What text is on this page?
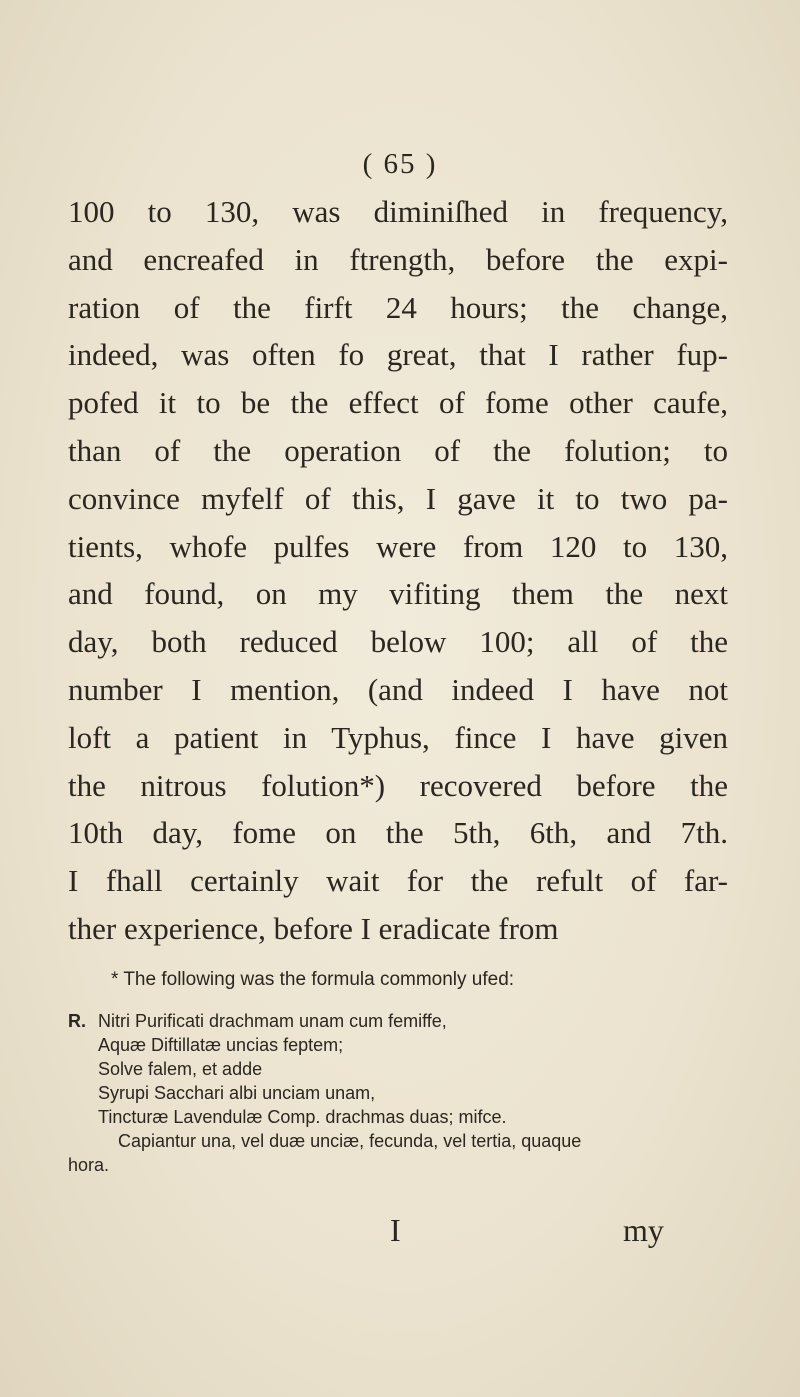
( 65 )
100 to 130, was diminiſhed in frequency,
and encreafed in ftrength, before the expi-
ration of the firft 24 hours; the change,
indeed, was often fo great, that I rather fup-
pofed it to be the effect of fome other caufe,
than of the operation of the folution; to
convince myfelf of this, I gave it to two pa-
tients, whofe pulfes were from 120 to 130,
and found, on my vifiting them the next
day, both reduced below 100; all of the
number I mention, (and indeed I have not
loft a patient in Typhus, fince I have given
the nitrous folution*) recovered before the
10th day, fome on the 5th, 6th, and 7th.
I fhall certainly wait for the refult of far-
ther experience, before I eradicate from
* The following was the formula commonly ufed:
R. Nitri Purificati drachmam unam cum femiffe,
Aquæ Diftillatæ uncias feptem;
Solve falem, et adde
Syrupi Sacchari albi unciam unam,
Tincturæ Lavendulæ Comp. drachmas duas; mifce.
Capiantur una, vel duæ unciæ, fecunda, vel tertia, quaque
hora.
I	my
